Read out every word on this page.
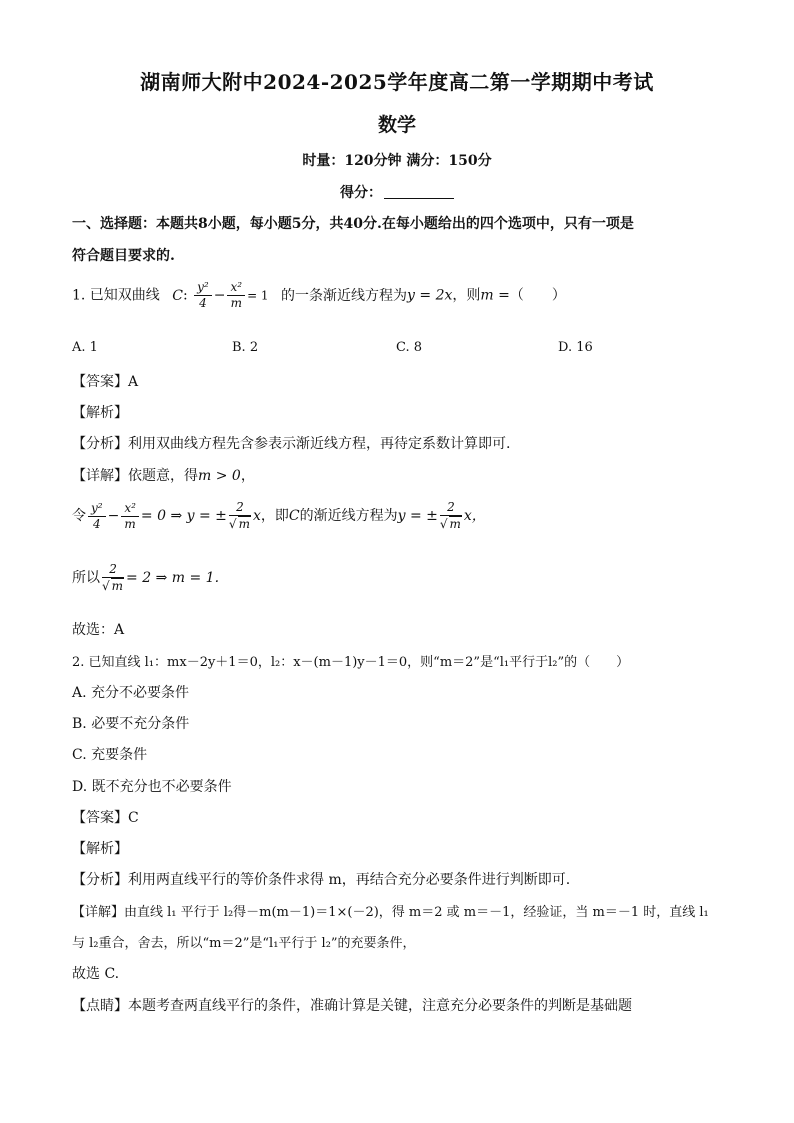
湖南师大附中2024-2025学年度高二第一学期期中考试
数学
时量：120分钟 满分：150分
得分：
一、选择题：本题共8小题，每小题5分，共40分.在每小题给出的四个选项中，只有一项是
符合题目要求的.
1. 已知双曲线 C: $\frac{\text{y²}}{4} - \frac{\text{x²}}{m} = 1$ 的一条渐近线方程为y = 2x，则m =（　　）
A. 1	B. 2	C. 8	D. 16
【答案】A
【解析】
【分析】利用双曲线方程先含参表示渐近线方程，再待定系数计算即可.
【详解】依题意，得m > 0，
令 $\frac{\text{y²}}{4} - \frac{\text{x²}}{m} = 0$ ⇒ y = ± $\frac{2}{√ m}$ x，即C的渐近线方程为y = ± $\frac{2}{√ m}$ x，
所以 $\frac{2}{√ m} = 2$ ⇒ m = 1.
故选：A
2. 已知直线 l₁：mx－2y＋1＝0，l₂：x－(m－1)y－1＝0，则“m＝2”是“l₁平行于l₂”的（　　）
A. 充分不必要条件
B. 必要不充分条件
C. 充要条件
D. 既不充分也不必要条件
【答案】C
【解析】
【分析】利用两直线平行的等价条件求得 m，再结合充分必要条件进行判断即可.
【详解】由直线 l₁ 平行于 l₂得－m(m－1)＝1×(－2)，得 m＝2 或 m＝－1，经验证，当 m＝－1 时，直线 l₁
与 l₂重合，舍去，所以“m＝2”是“l₁平行于 l₂”的充要条件，
故选 C.
【点睛】本题考查两直线平行的条件，准确计算是关键，注意充分必要条件的判断是基础题
